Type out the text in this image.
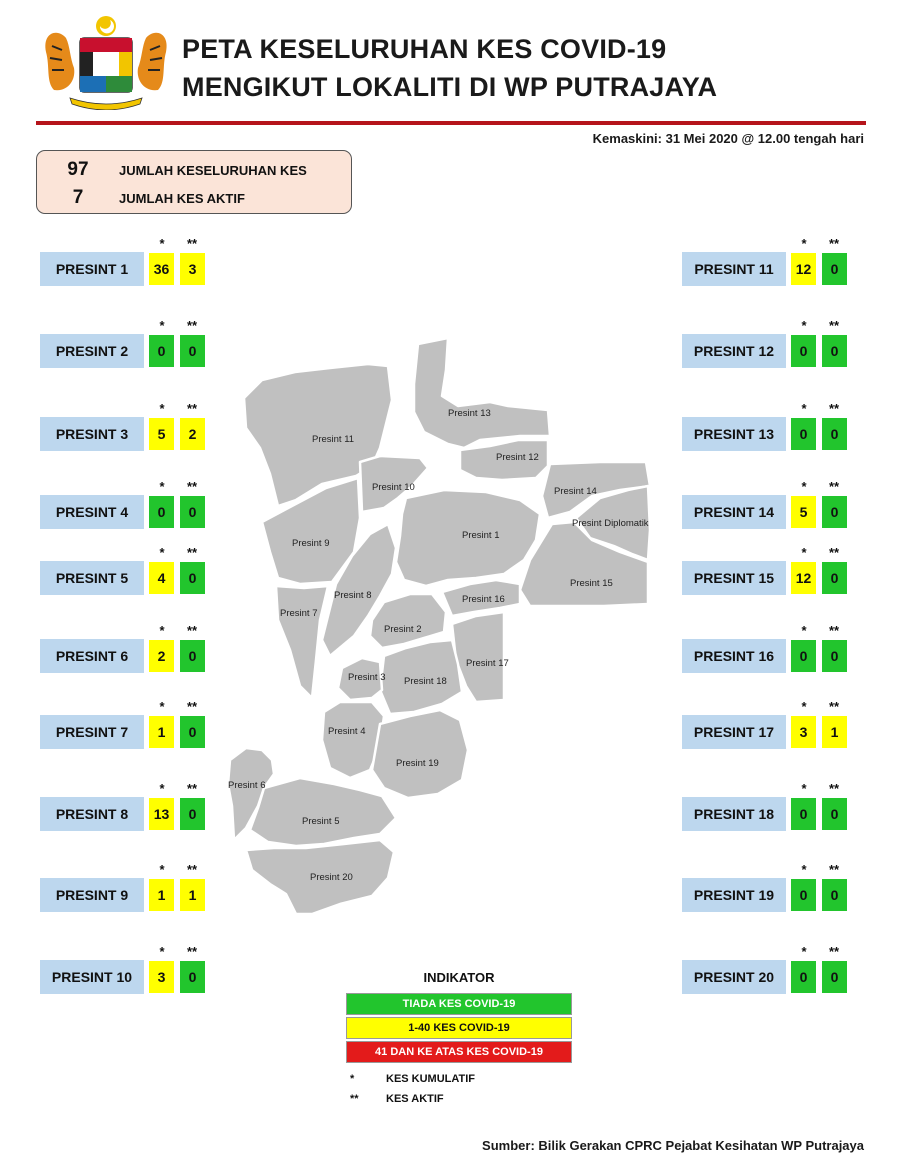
PETA KESELURUHAN KES COVID-19
MENGIKUT LOKALITI DI WP PUTRAJAYA
Kemaskini: 31 Mei 2020 @ 12.00 tengah hari
97	JUMLAH KESELURUHAN KES
7	JUMLAH KES AKTIF
*	**
PRESINT 1	36	3
*	**
PRESINT 2	0	0
*	**
PRESINT 3	5	2
*	**
PRESINT 4	0	0
*	**
PRESINT 5	4	0
*	**
PRESINT 6	2	0
*	**
PRESINT 7	1	0
*	**
PRESINT 8	13	0
*	**
PRESINT 9	1	1
*	**
PRESINT 10	3	0
*	**
PRESINT 11	12	0
*	**
PRESINT 12	0	0
*	**
PRESINT 13	0	0
*	**
PRESINT 14	5	0
*	**
PRESINT 15	12	0
*	**
PRESINT 16	0	0
*	**
PRESINT 17	3	1
*	**
PRESINT 18	0	0
*	**
PRESINT 19	0	0
*	**
PRESINT 20	0	0
Presint 11
Presint 13
Presint 12
Presint 10	Presint 14
Presint Diplomatik
Presint 1
Presint 9
Presint 15
Presint 8	Presint 16
Presint 7
Presint 2
Presint 17
Presint 3 Presint 18
Presint 4
Presint 19
Presint 6
Presint 5
Presint 20
INDIKATOR
TIADA KES COVID-19
1-40 KES COVID-19
41 DAN KE ATAS KES COVID-19
*	KES KUMULATIF
**	KES AKTIF
Sumber: Bilik Gerakan CPRC Pejabat Kesihatan WP Putrajaya
